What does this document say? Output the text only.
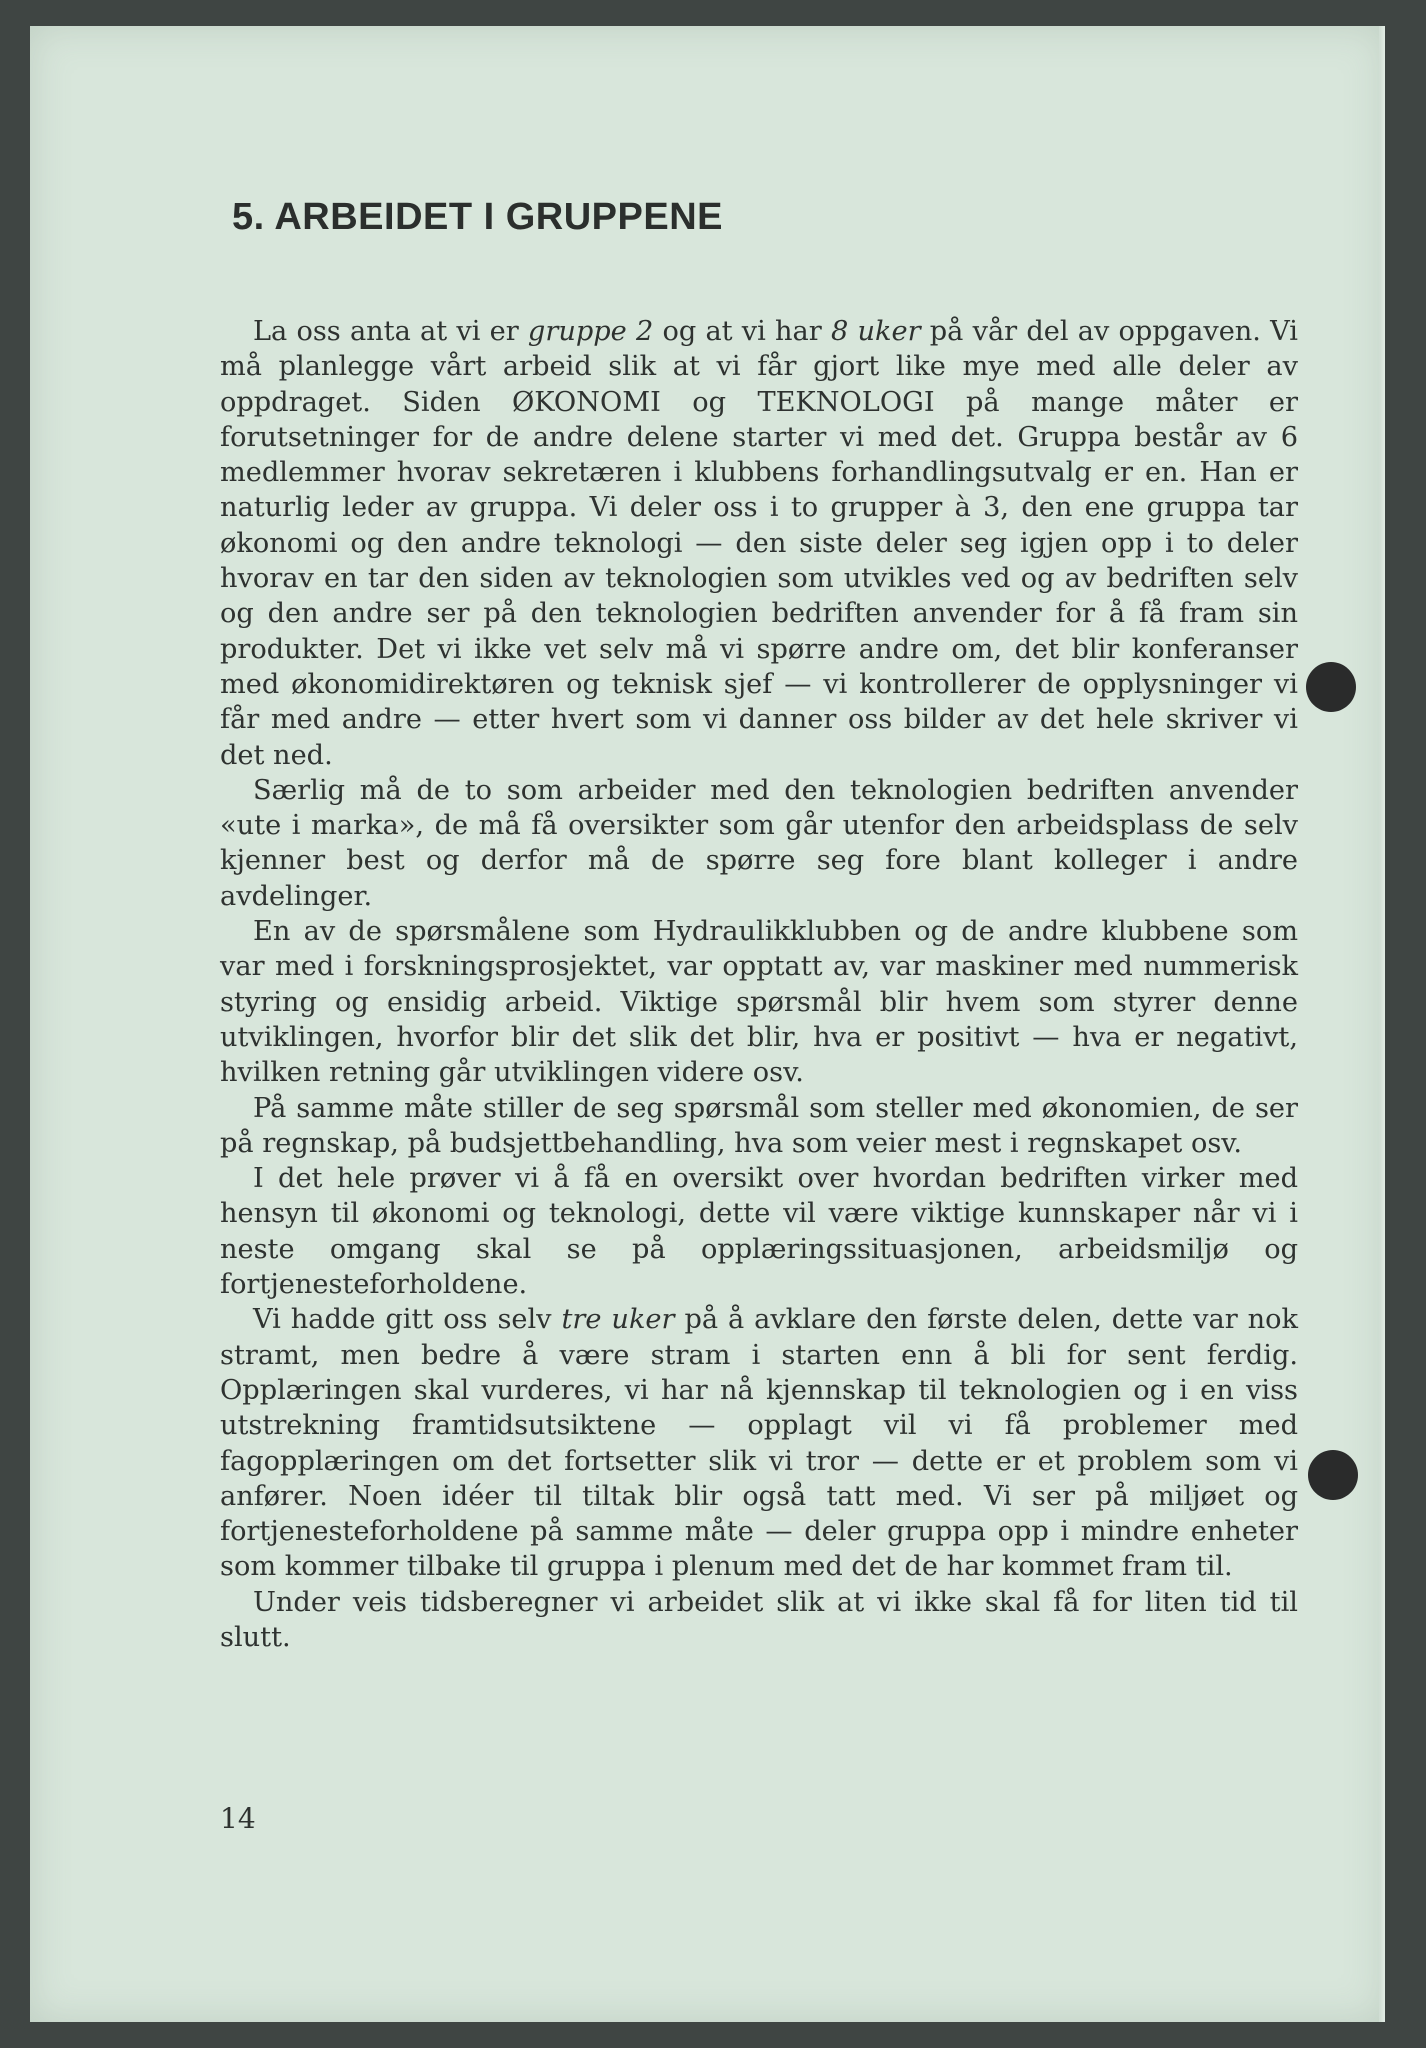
5. ARBEIDET I GRUPPENE

La oss anta at vi er gruppe 2 og at vi har 8 uker på vår del av oppgaven. Vi må planlegge vårt arbeid slik at vi får gjort like mye med alle deler av oppdraget. Siden ØKONOMI og TEKNOLOGI på mange måter er forutsetninger for de andre delene starter vi med det. Gruppa består av 6 medlemmer hvorav sekretæren i klubbens forhandlingsutvalg er en. Han er naturlig leder av gruppa. Vi deler oss i to grupper à 3, den ene gruppa tar økonomi og den andre teknologi — den siste deler seg igjen opp i to deler hvorav en tar den siden av teknologien som utvikles ved og av bedriften selv og den andre ser på den teknologien bedriften anvender for å få fram sin produkter. Det vi ikke vet selv må vi spørre andre om, det blir konferanser med økonomidirektøren og teknisk sjef — vi kontrollerer de opplysninger vi får med andre — etter hvert som vi danner oss bilder av det hele skriver vi det ned.

Særlig må de to som arbeider med den teknologien bedriften anvender «ute i marka», de må få oversikter som går utenfor den arbeidsplass de selv kjenner best og derfor må de spørre seg fore blant kolleger i andre avdelinger.

En av de spørsmålene som Hydraulikklubben og de andre klubbene som var med i forskningsprosjektet, var opptatt av, var maskiner med nummerisk styring og ensidig arbeid. Viktige spørsmål blir hvem som styrer denne utviklingen, hvorfor blir det slik det blir, hva er positivt — hva er negativt, hvilken retning går utviklingen videre osv.

På samme måte stiller de seg spørsmål som steller med økonomien, de ser på regnskap, på budsjettbehandling, hva som veier mest i regnskapet osv.

I det hele prøver vi å få en oversikt over hvordan bedriften virker med hensyn til økonomi og teknologi, dette vil være viktige kunnskaper når vi i neste omgang skal se på opplæringssituasjonen, arbeidsmiljø og fortjenesteforholdene.

Vi hadde gitt oss selv tre uker på å avklare den første delen, dette var nok stramt, men bedre å være stram i starten enn å bli for sent ferdig. Opplæringen skal vurderes, vi har nå kjennskap til teknologien og i en viss utstrekning framtidsutsiktene — opplagt vil vi få problemer med fagopplæringen om det fortsetter slik vi tror — dette er et problem som vi anfører. Noen idéer til tiltak blir også tatt med. Vi ser på miljøet og fortjenesteforholdene på samme måte — deler gruppa opp i mindre enheter som kommer tilbake til gruppa i plenum med det de har kommet fram til.

Under veis tidsberegner vi arbeidet slik at vi ikke skal få for liten tid til slutt.

14
